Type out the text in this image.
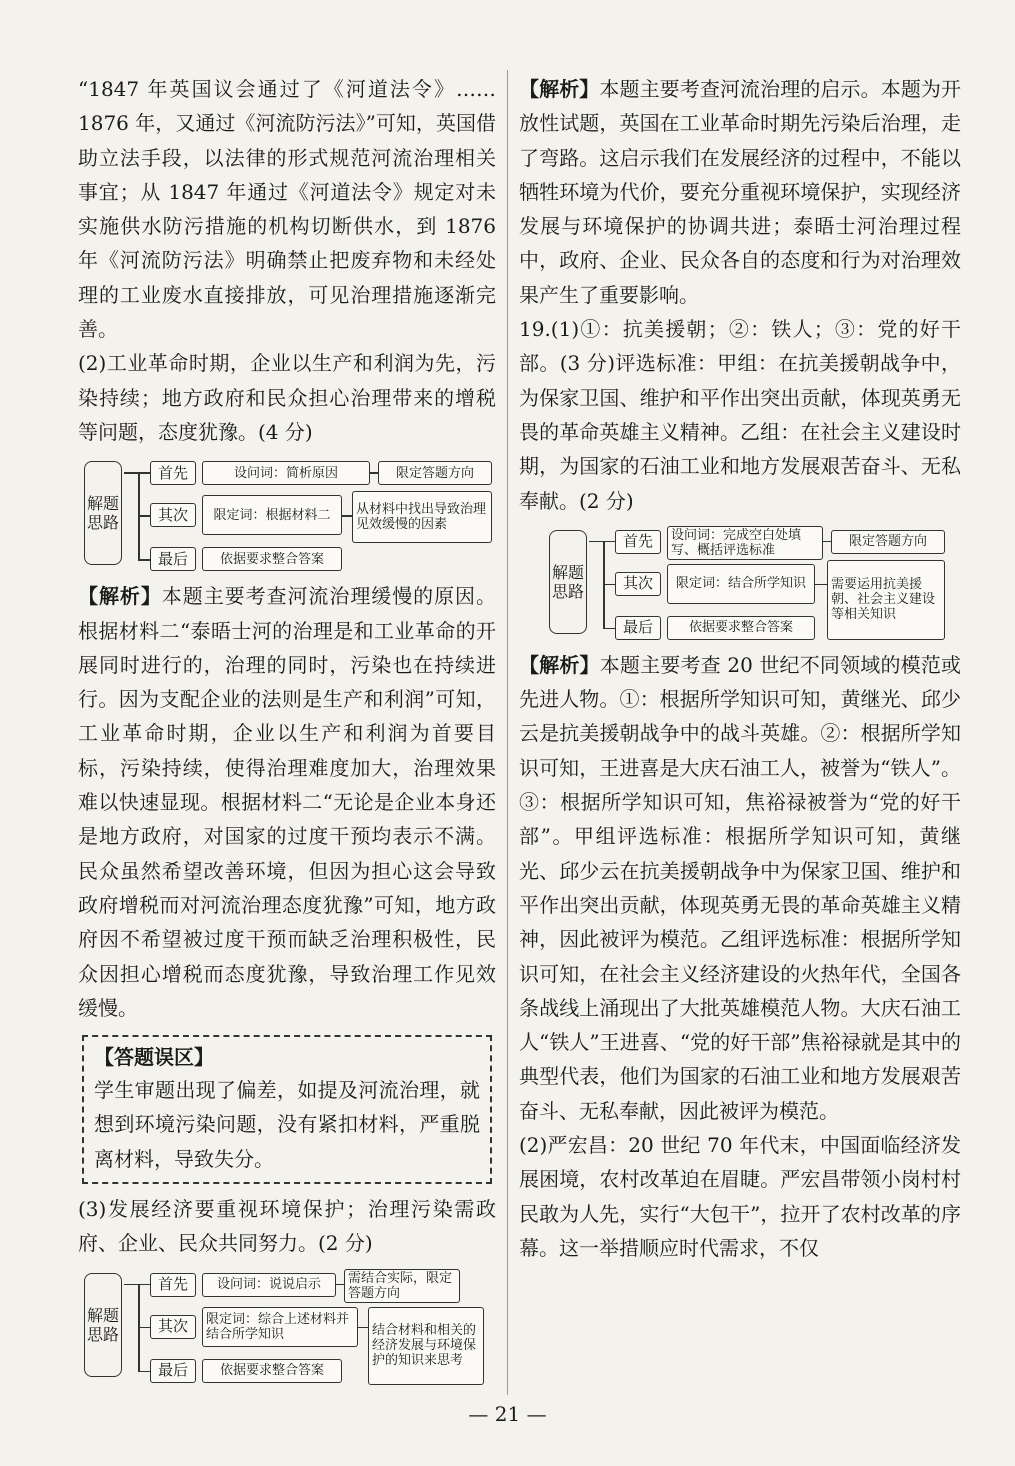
“1847 年英国议会通过了《河道法令》……1876 年，又通过《河流防污法》”可知，英国借助立法手段，以法律的形式规范河流治理相关事宜；从 1847 年通过《河道法令》规定对未实施供水防污措施的机构切断供水，到 1876 年《河流防污法》明确禁止把废弃物和未经处理的工业废水直接排放，可见治理措施逐渐完善。

(2)工业革命时期，企业以生产和利润为先，污染持续；地方政府和民众担心治理带来的增税等问题，态度犹豫。(4 分)

解题思路
首先	设问词：简析原因	限定答题方向
其次	限定词：根据材料二	从材料中找出导致治理见效缓慢的因素
最后	依据要求整合答案

【解析】本题主要考查河流治理缓慢的原因。根据材料二“泰晤士河的治理是和工业革命的开展同时进行的，治理的同时，污染也在持续进行。因为支配企业的法则是生产和利润”可知，工业革命时期，企业以生产和利润为首要目标，污染持续，使得治理难度加大，治理效果难以快速显现。根据材料二“无论是企业本身还是地方政府，对国家的过度干预均表示不满。民众虽然希望改善环境，但因为担心这会导致政府增税而对河流治理态度犹豫”可知，地方政府因不希望被过度干预而缺乏治理积极性，民众因担心增税而态度犹豫，导致治理工作见效缓慢。

【答题误区】

学生审题出现了偏差，如提及河流治理，就想到环境污染问题，没有紧扣材料，严重脱离材料，导致失分。

(3)发展经济要重视环境保护；治理污染需政府、企业、民众共同努力。(2 分)

解题思路
首先	设问词：说说启示	需结合实际，限定答题方向
其次	限定词：综合上述材料并结合所学知识	结合材料和相关的经济发展与环境保护的知识来思考
最后	依据要求整合答案

【解析】本题主要考查河流治理的启示。本题为开放性试题，英国在工业革命时期先污染后治理，走了弯路。这启示我们在发展经济的过程中，不能以牺牲环境为代价，要充分重视环境保护，实现经济发展与环境保护的协调共进；泰晤士河治理过程中，政府、企业、民众各自的态度和行为对治理效果产生了重要影响。

19.(1)①：抗美援朝；②：铁人；③：党的好干部。(3 分)评选标准：甲组：在抗美援朝战争中，为保家卫国、维护和平作出突出贡献，体现英勇无畏的革命英雄主义精神。乙组：在社会主义建设时期，为国家的石油工业和地方发展艰苦奋斗、无私奉献。(2 分)

解题思路
首先	设问词：完成空白处填写、概括评选标准
限定答题方向
其次	限定词：结合所学知识	需要运用抗美援朝、社会主义建设等相关知识
最后	依据要求整合答案

【解析】本题主要考查 20 世纪不同领域的模范或先进人物。①：根据所学知识可知，黄继光、邱少云是抗美援朝战争中的战斗英雄。②：根据所学知识可知，王进喜是大庆石油工人，被誉为“铁人”。③：根据所学知识可知，焦裕禄被誉为“党的好干部”。甲组评选标准：根据所学知识可知，黄继光、邱少云在抗美援朝战争中为保家卫国、维护和平作出突出贡献，体现英勇无畏的革命英雄主义精神，因此被评为模范。乙组评选标准：根据所学知识可知，在社会主义经济建设的火热年代，全国各条战线上涌现出了大批英雄模范人物。大庆石油工人“铁人”王进喜、“党的好干部”焦裕禄就是其中的典型代表，他们为国家的石油工业和地方发展艰苦奋斗、无私奉献，因此被评为模范。

(2)严宏昌：20 世纪 70 年代末，中国面临经济发展困境，农村改革迫在眉睫。严宏昌带领小岗村村民敢为人先，实行“大包干”，拉开了农村改革的序幕。这一举措顺应时代需求，不仅

— 21 —
